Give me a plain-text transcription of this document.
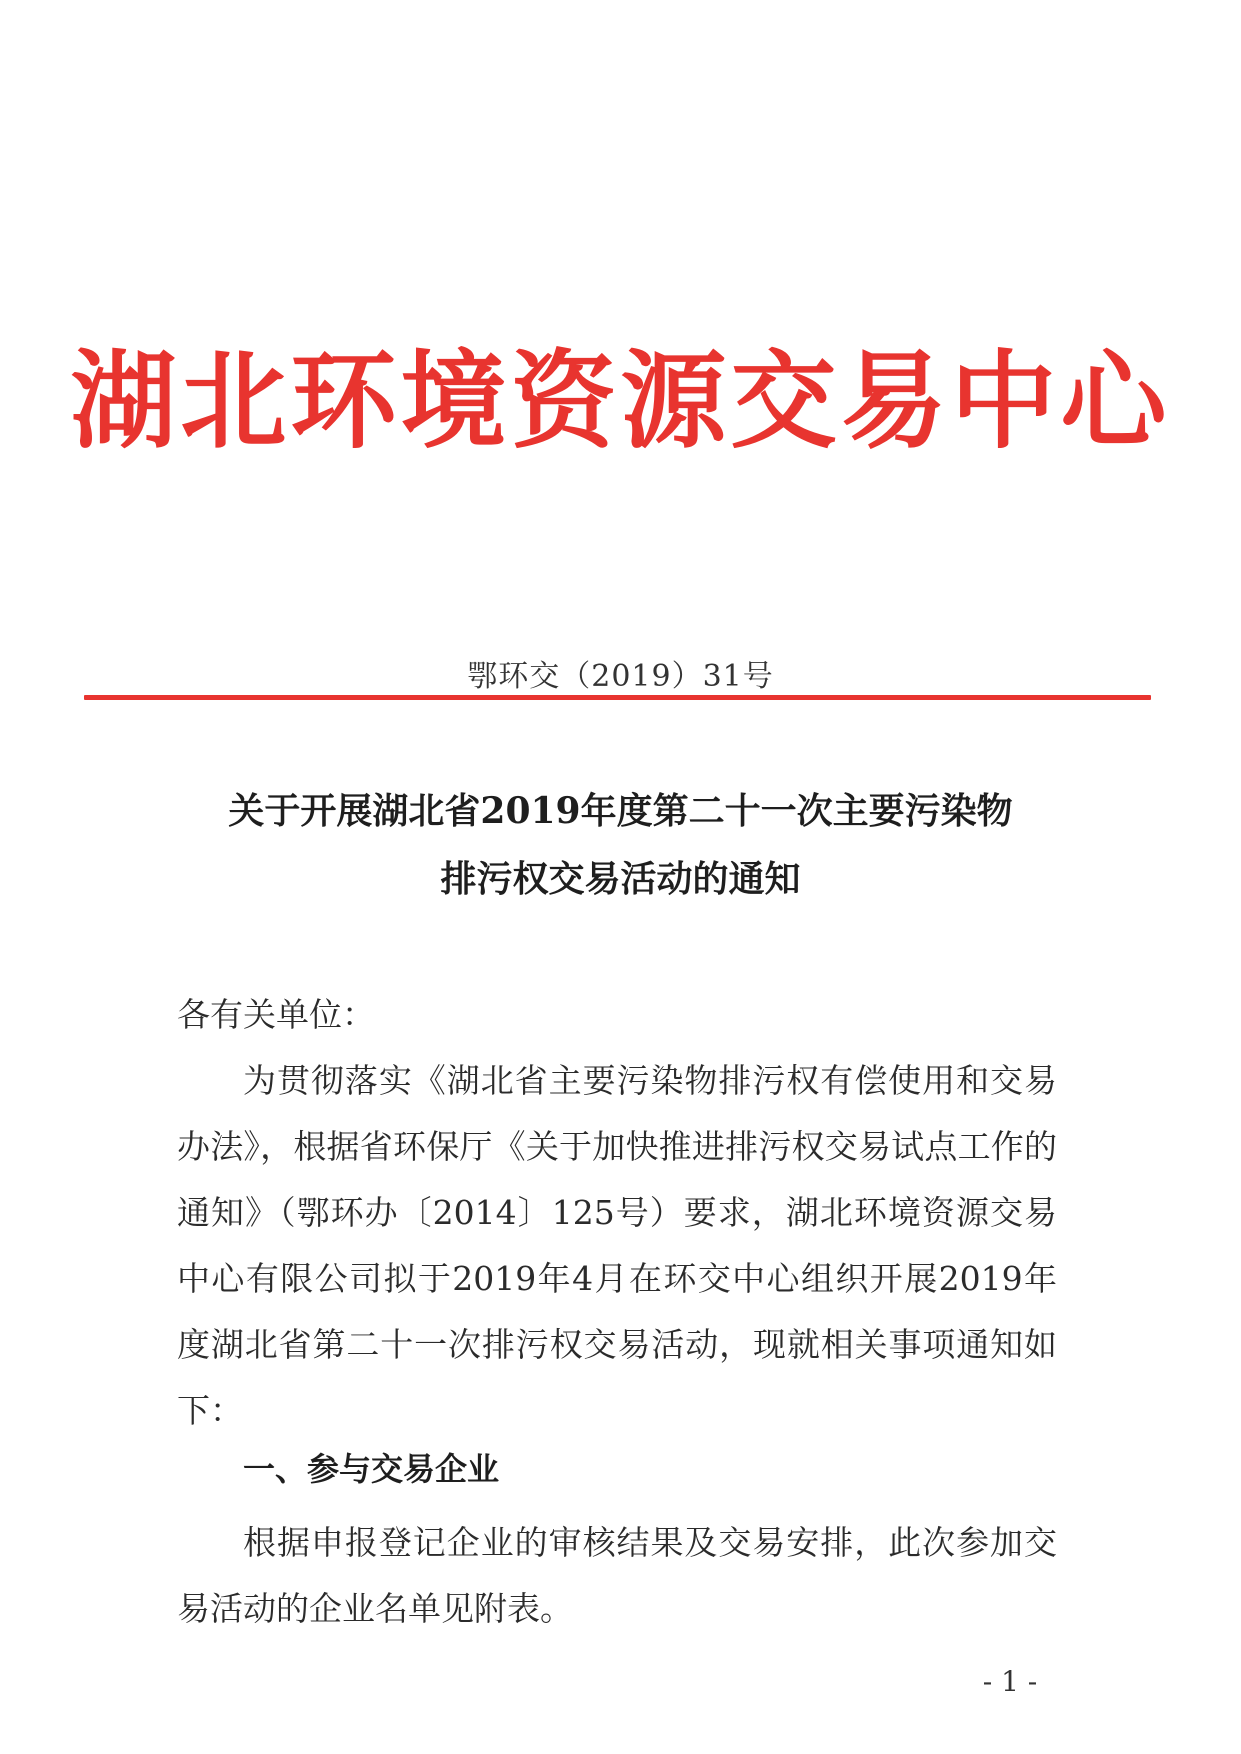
湖北环境资源交易中心
鄂环交（2019）31号
关于开展湖北省2019年度第二十一次主要污染物
排污权交易活动的通知
各有关单位：
为贯彻落实《湖北省主要污染物排污权有偿使用和交易办法》，根据省环保厅《关于加快推进排污权交易试点工作的通知》（鄂环办〔2014〕125号）要求，湖北环境资源交易中心有限公司拟于2019年4月在环交中心组织开展2019年度湖北省第二十一次排污权交易活动，现就相关事项通知如下：
一、参与交易企业
根据申报登记企业的审核结果及交易安排，此次参加交易活动的企业名单见附表。
- 1 -
